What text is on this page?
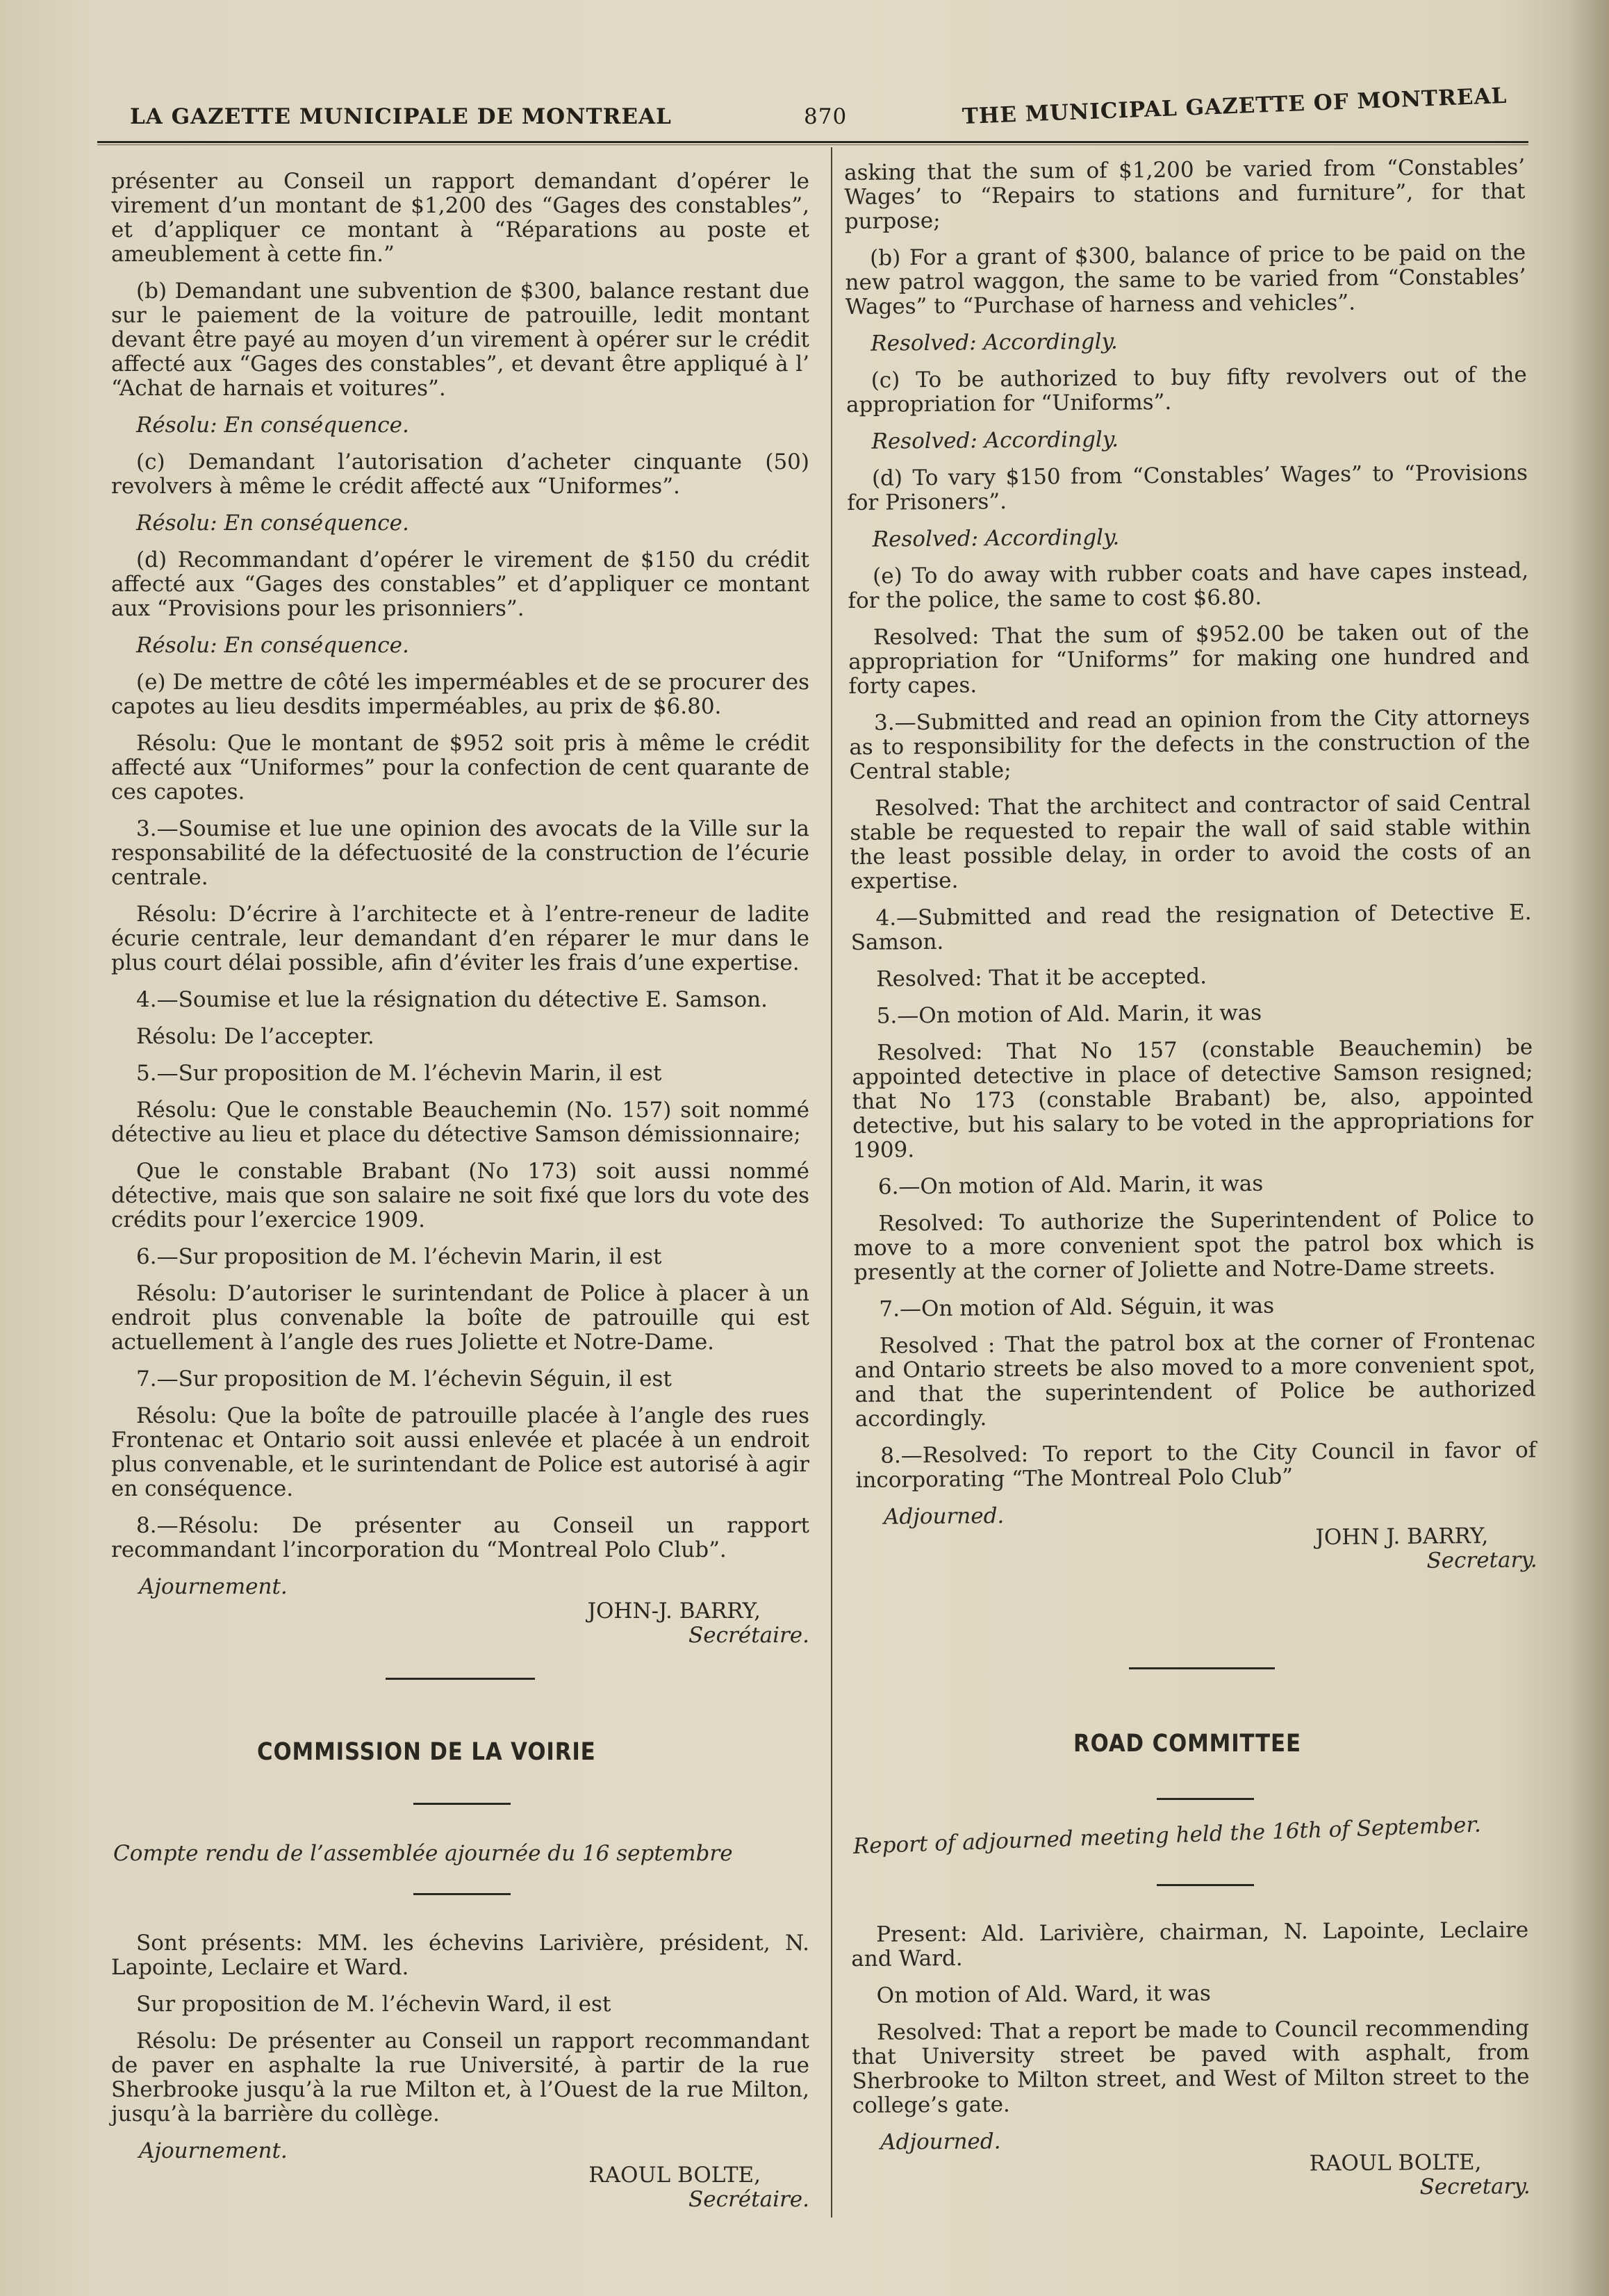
LA GAZETTE MUNICIPALE DE MONTREAL	870	THE MUNICIPAL GAZETTE OF MONTREAL

présenter au Conseil un rapport demandant d’opérer le virement d’un montant de $1,200 des “Gages des constables”, et d’appliquer ce montant à “Réparations au poste et ameublement à cette fin.”

(b) Demandant une subvention de $300, balance restant due sur le paiement de la voiture de patrouille, ledit montant devant être payé au moyen d’un virement à opérer sur le crédit affecté aux “Gages des constables”, et devant être appliqué à l’ “Achat de harnais et voitures”.

Résolu: En conséquence.

(c) Demandant l’autorisation d’acheter cinquante (50) revolvers à même le crédit affecté aux “Uniformes”.

Résolu: En conséquence.

(d) Recommandant d’opérer le virement de $150 du crédit affecté aux “Gages des constables” et d’appliquer ce montant aux “Provisions pour les prisonniers”.

Résolu: En conséquence.

(e) De mettre de côté les imperméables et de se procurer des capotes au lieu desdits imperméables, au prix de $6.80.

Résolu: Que le montant de $952 soit pris à même le crédit affecté aux “Uniformes” pour la confection de cent quarante de ces capotes.

3.—Soumise et lue une opinion des avocats de la Ville sur la responsabilité de la défectuosité de la construction de l’écurie centrale.

Résolu: D’écrire à l’architecte et à l’entre-reneur de ladite écurie centrale, leur demandant d’en réparer le mur dans le plus court délai possible, afin d’éviter les frais d’une expertise.

4.—Soumise et lue la résignation du détective E. Samson.

Résolu: De l’accepter.

5.—Sur proposition de M. l’échevin Marin, il est

Résolu: Que le constable Beauchemin (No. 157) soit nommé détective au lieu et place du détective Samson démissionnaire;

Que le constable Brabant (No 173) soit aussi nommé détective, mais que son salaire ne soit fixé que lors du vote des crédits pour l’exercice 1909.

6.—Sur proposition de M. l’échevin Marin, il est

Résolu: D’autoriser le surintendant de Police à placer à un endroit plus convenable la boîte de patrouille qui est actuellement à l’angle des rues Joliette et Notre-Dame.

7.—Sur proposition de M. l’échevin Séguin, il est

Résolu: Que la boîte de patrouille placée à l’angle des rues Frontenac et Ontario soit aussi enlevée et placée à un endroit plus convenable, et le surintendant de Police est autorisé à agir en conséquence.

8.—Résolu: De présenter au Conseil un rapport recommandant l’incorporation du “Montreal Polo Club”.

Ajournement.

JOHN-J. BARRY,

Secrétaire.

asking that the sum of $1,200 be varied from “Constables’ Wages’ to “Repairs to stations and furniture”, for that purpose;

(b) For a grant of $300, balance of price to be paid on the new patrol waggon, the same to be varied from “Constables’ Wages” to “Purchase of harness and vehicles”.

Resolved: Accordingly.

(c) To be authorized to buy fifty revolvers out of the appropriation for “Uniforms”.

Resolved: Accordingly.

(d) To vary $150 from “Constables’ Wages” to “Provisions for Prisoners”.

Resolved: Accordingly.

(e) To do away with rubber coats and have capes instead, for the police, the same to cost $6.80.

Resolved: That the sum of $952.00 be taken out of the appropriation for “Uniforms” for making one hundred and forty capes.

3.—Submitted and read an opinion from the City attorneys as to responsibility for the defects in the construction of the Central stable;

Resolved: That the architect and contractor of said Central stable be requested to repair the wall of said stable within the least possible delay, in order to avoid the costs of an expertise.

4.—Submitted and read the resignation of Detective E. Samson.

Resolved: That it be accepted.

5.—On motion of Ald. Marin, it was

Resolved: That No 157 (constable Beauchemin) be appointed detective in place of detective Samson resigned; that No 173 (constable Brabant) be, also, appointed detective, but his salary to be voted in the appropriations for 1909.

6.—On motion of Ald. Marin, it was

Resolved: To authorize the Superintendent of Police to move to a more convenient spot the patrol box which is presently at the corner of Joliette and Notre-Dame streets.

7.—On motion of Ald. Séguin, it was

Resolved : That the patrol box at the corner of Frontenac and Ontario streets be also moved to a more convenient spot, and that the superintendent of Police be authorized accordingly.

8.—Resolved: To report to the City Council in favor of incorporating “The Montreal Polo Club”

Adjourned.

JOHN J. BARRY,

Secretary.

COMMISSION DE LA VOIRIE
Compte rendu de l’assemblée ajournée du 16 septembre

Sont présents: MM. les échevins Larivière, président, N. Lapointe, Leclaire et Ward.

Sur proposition de M. l’échevin Ward, il est

Résolu: De présenter au Conseil un rapport recommandant de paver en asphalte la rue Université, à partir de la rue Sherbrooke jusqu’à la rue Milton et, à l’Ouest de la rue Milton, jusqu’à la barrière du collège.

Ajournement.

RAOUL BOLTE,

Secrétaire.

ROAD COMMITTEE
Report of adjourned meeting held the 16th of September.

Present: Ald. Larivière, chairman, N. Lapointe, Leclaire and Ward.

On motion of Ald. Ward, it was

Resolved: That a report be made to Council recommending that University street be paved with asphalt, from Sherbrooke to Milton street, and West of Milton street to the college’s gate.

Adjourned.

RAOUL BOLTE,

Secretary.
